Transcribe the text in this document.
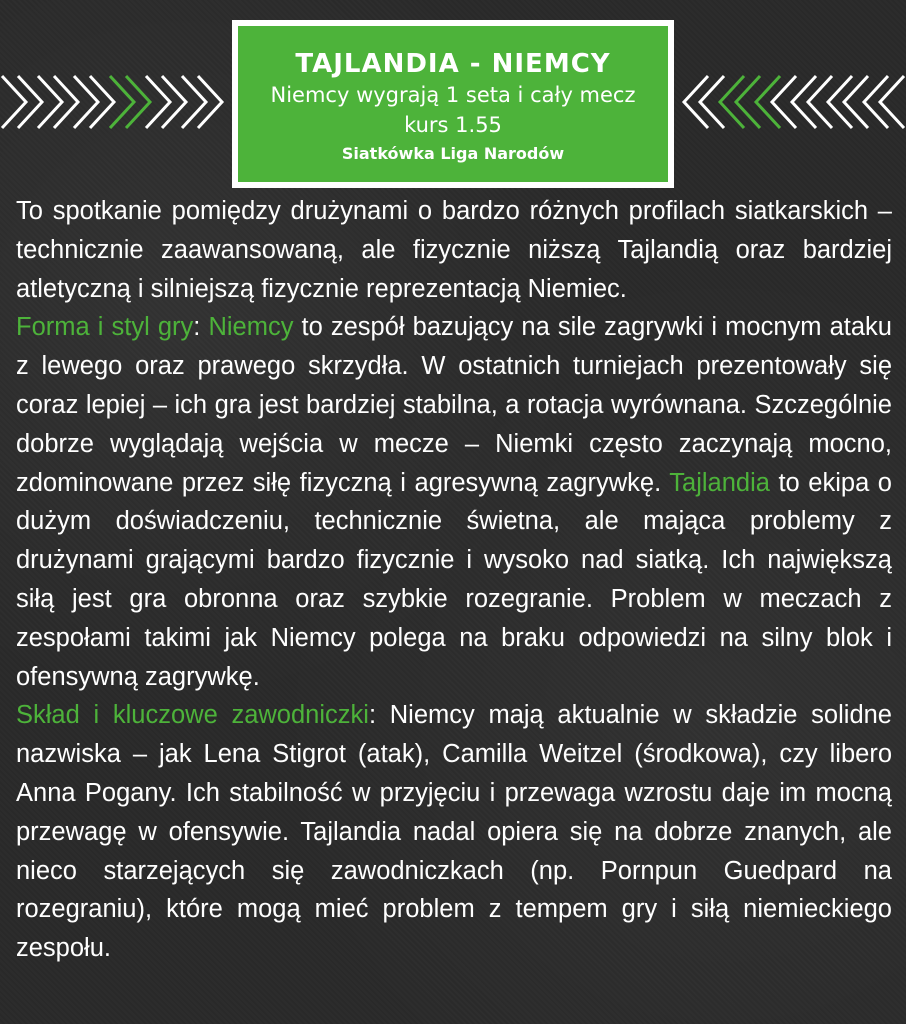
TAJLANDIA - NIEMCY
Niemcy wygrają 1 seta i cały mecz
kurs 1.55
Siatkówka Liga Narodów

To spotkanie pomiędzy drużynami o bardzo różnych profilach siatkarskich – technicznie zaawansowaną, ale fizycznie niższą Tajlandią oraz bardziej atletyczną i silniejszą fizycznie reprezentacją Niemiec.

Forma i styl gry: Niemcy to zespół bazujący na sile zagrywki i mocnym ataku z lewego oraz prawego skrzydła. W ostatnich turniejach prezentowały się coraz lepiej – ich gra jest bardziej stabilna, a rotacja wyrównana. Szczególnie dobrze wyglądają wejścia w mecze – Niemki często zaczynają mocno, zdominowane przez siłę fizyczną i agresywną zagrywkę. Tajlandia to ekipa o dużym doświadczeniu, technicznie świetna, ale mająca problemy z drużynami grającymi bardzo fizycznie i wysoko nad siatką. Ich największą siłą jest gra obronna oraz szybkie rozegranie. Problem w meczach z zespołami takimi jak Niemcy polega na braku odpowiedzi na silny blok i ofensywną zagrywkę.

Skład i kluczowe zawodniczki: Niemcy mają aktualnie w składzie solidne nazwiska – jak Lena Stigrot (atak), Camilla Weitzel (środkowa), czy libero Anna Pogany. Ich stabilność w przyjęciu i przewaga wzrostu daje im mocną przewagę w ofensywie. Tajlandia nadal opiera się na dobrze znanych, ale nieco starzejących się zawodniczkach (np. Pornpun Guedpard na rozegraniu), które mogą mieć problem z tempem gry i siłą niemieckiego zespołu.
